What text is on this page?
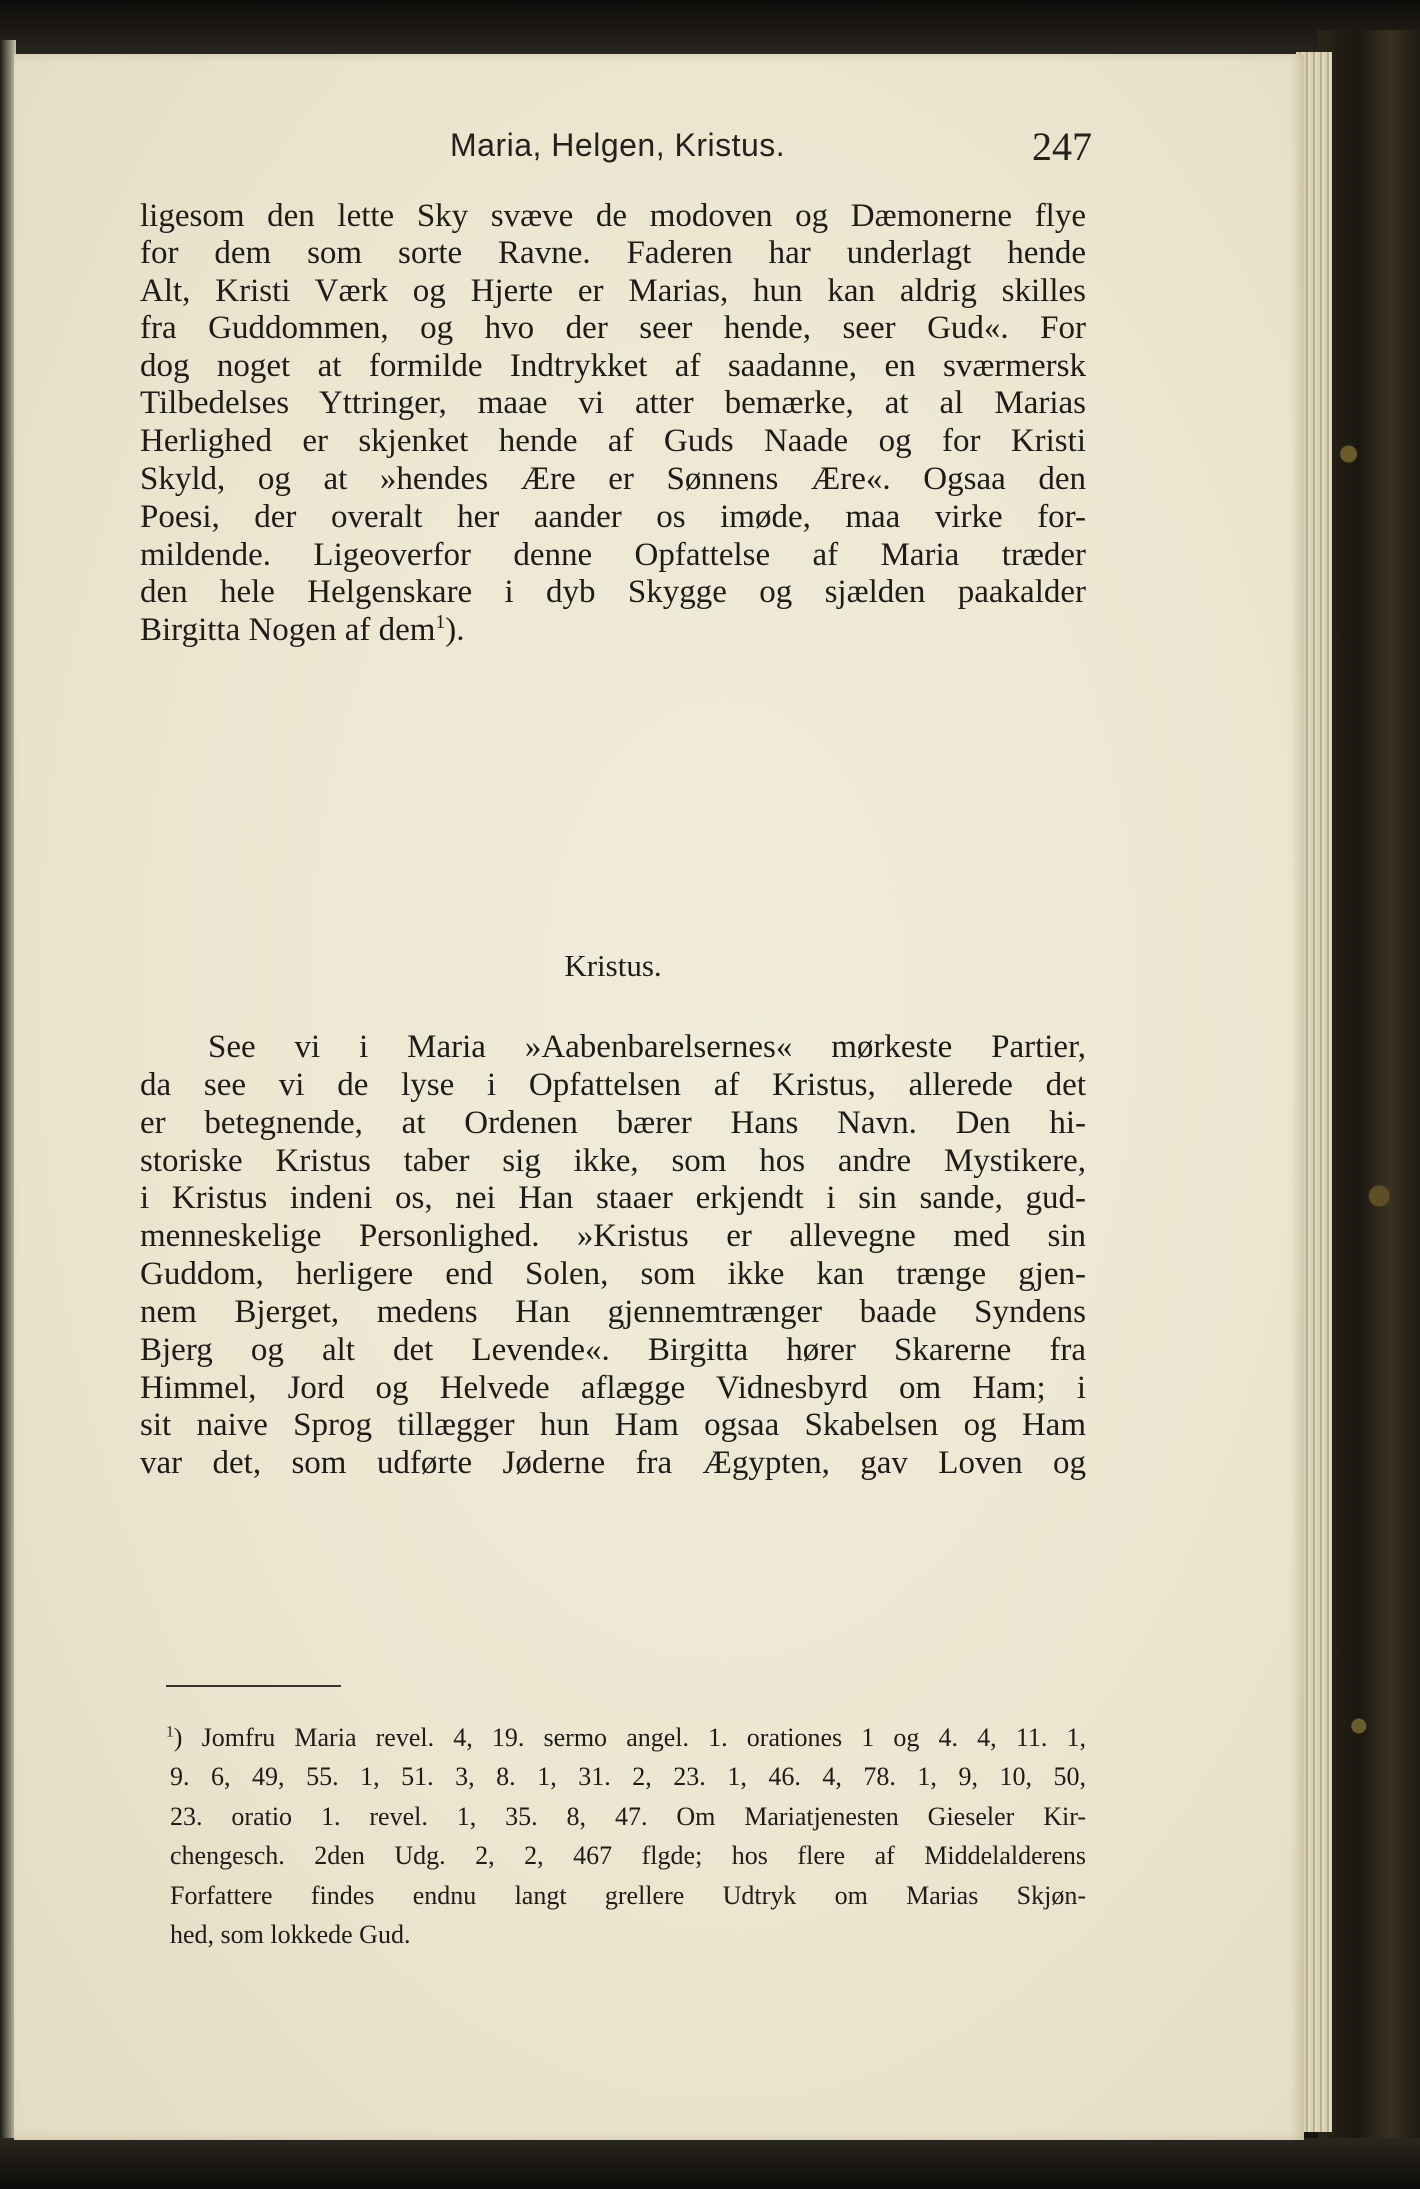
Maria, Helgen, Kristus.	247
ligesom den lette Sky svæve de modoven og Dæmonerne flye
for dem som sorte Ravne. Faderen har underlagt hende
Alt, Kristi Værk og Hjerte er Marias, hun kan aldrig skilles
fra Guddommen, og hvo der seer hende, seer Gud«. For
dog noget at formilde Indtrykket af saadanne, en sværmersk
Tilbedelses Yttringer, maae vi atter bemærke, at al Marias
Herlighed er skjenket hende af Guds Naade og for Kristi
Skyld, og at »hendes Ære er Sønnens Ære«. Ogsaa den
Poesi, der overalt her aander os imøde, maa virke for-
mildende. Ligeoverfor denne Opfattelse af Maria træder
den hele Helgenskare i dyb Skygge og sjælden paakalder
Birgitta Nogen af dem$^1$).
Kristus.
See vi i Maria »Aabenbarelsernes« mørkeste Partier,
da see vi de lyse i Opfattelsen af Kristus, allerede det
er betegnende, at Ordenen bærer Hans Navn. Den hi-
storiske Kristus taber sig ikke, som hos andre Mystikere,
i Kristus indeni os, nei Han staaer erkjendt i sin sande, gud-
menneskelige Personlighed. »Kristus er allevegne med sin
Guddom, herligere end Solen, som ikke kan trænge gjen-
nem Bjerget, medens Han gjennemtrænger baade Syndens
Bjerg og alt det Levende«. Birgitta hører Skarerne fra
Himmel, Jord og Helvede aflægge Vidnesbyrd om Ham; i
sit naive Sprog tillægger hun Ham ogsaa Skabelsen og Ham
var det, som udførte Jøderne fra Ægypten, gav Loven og
$^1$) Jomfru Maria revel. 4, 19. sermo angel. 1. orationes 1 og 4. 4, 11. 1,
9. 6, 49, 55. 1, 51. 3, 8. 1, 31. 2, 23. 1, 46. 4, 78. 1, 9, 10, 50,
23. oratio 1. revel. 1, 35. 8, 47. Om Mariatjenesten Gieseler Kir-
chengesch. 2den Udg. 2, 2, 467 flgde; hos flere af Middelalderens
Forfattere findes endnu langt grellere Udtryk om Marias Skjøn-
hed, som lokkede Gud.
